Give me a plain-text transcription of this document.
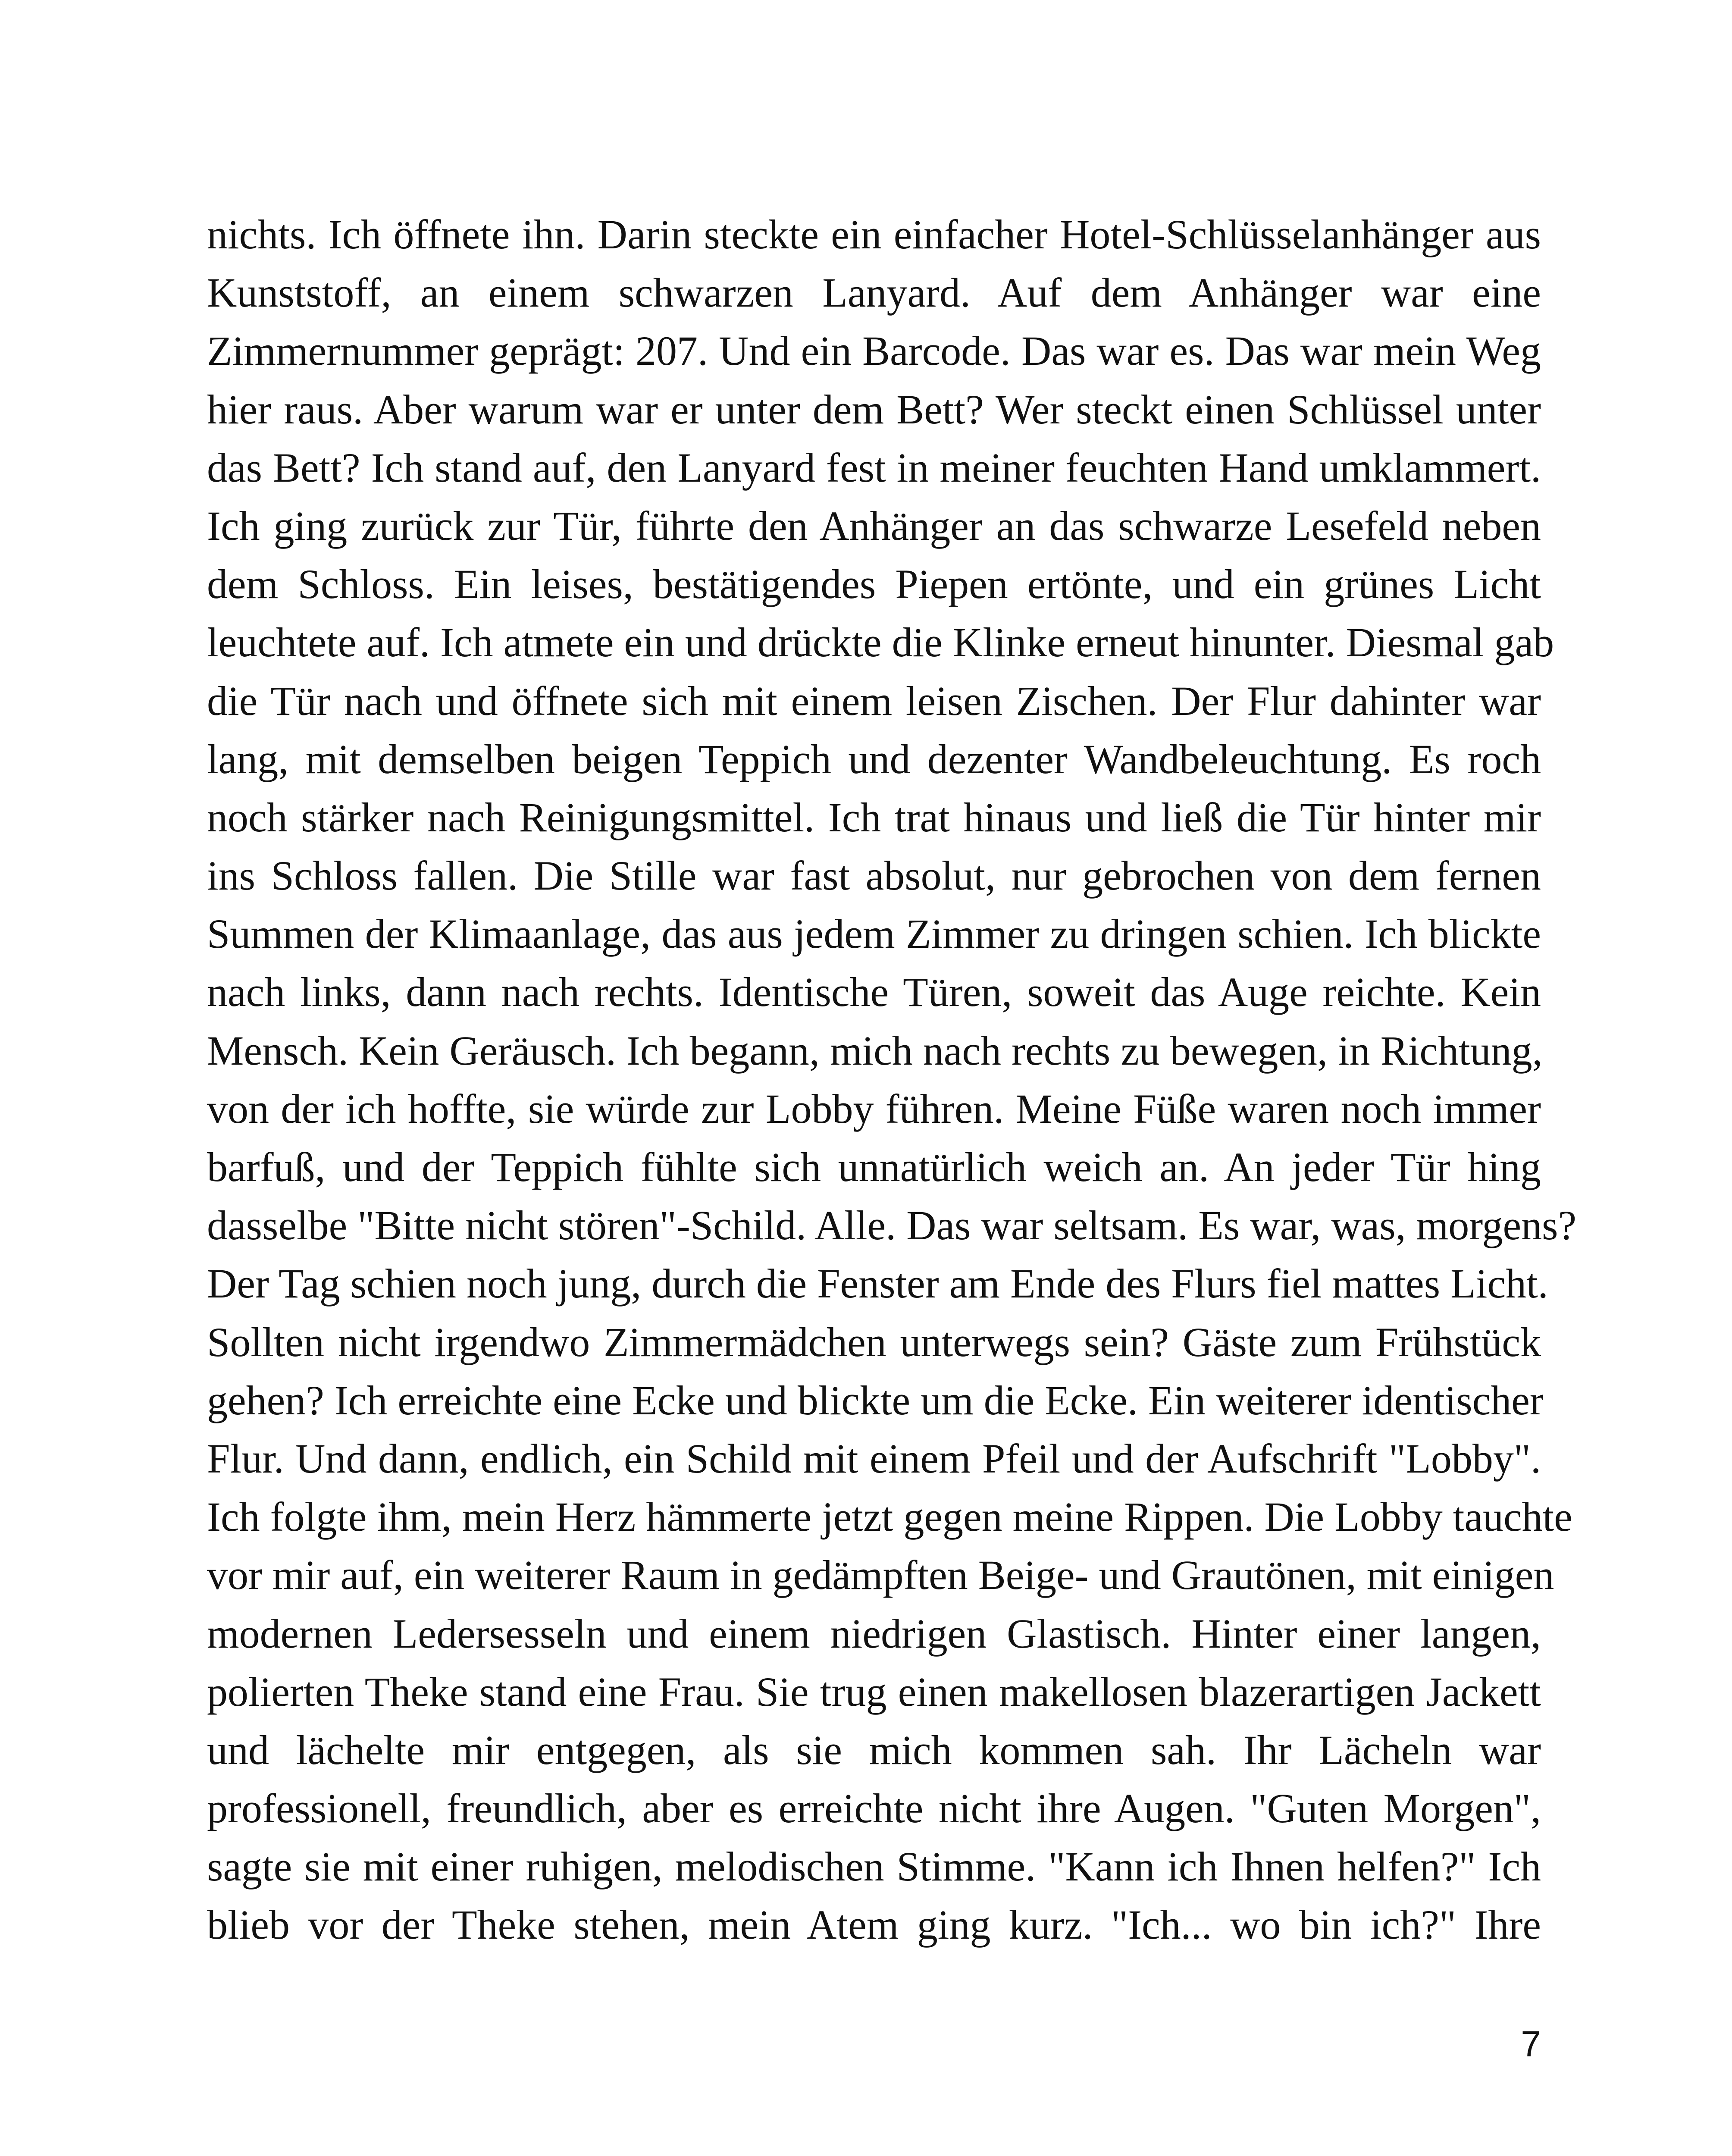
nichts. Ich öffnete ihn. Darin steckte ein einfacher Hotel-Schlüsselanhänger aus
Kunststoff, an einem schwarzen Lanyard. Auf dem Anhänger war eine
Zimmernummer geprägt: 207. Und ein Barcode. Das war es. Das war mein Weg
hier raus. Aber warum war er unter dem Bett? Wer steckt einen Schlüssel unter
das Bett? Ich stand auf, den Lanyard fest in meiner feuchten Hand umklammert.
Ich ging zurück zur Tür, führte den Anhänger an das schwarze Lesefeld neben
dem Schloss. Ein leises, bestätigendes Piepen ertönte, und ein grünes Licht
leuchtete auf. Ich atmete ein und drückte die Klinke erneut hinunter. Diesmal gab
die Tür nach und öffnete sich mit einem leisen Zischen. Der Flur dahinter war
lang, mit demselben beigen Teppich und dezenter Wandbeleuchtung. Es roch
noch stärker nach Reinigungsmittel. Ich trat hinaus und ließ die Tür hinter mir
ins Schloss fallen. Die Stille war fast absolut, nur gebrochen von dem fernen
Summen der Klimaanlage, das aus jedem Zimmer zu dringen schien. Ich blickte
nach links, dann nach rechts. Identische Türen, soweit das Auge reichte. Kein
Mensch. Kein Geräusch. Ich begann, mich nach rechts zu bewegen, in Richtung,
von der ich hoffte, sie würde zur Lobby führen. Meine Füße waren noch immer
barfuß, und der Teppich fühlte sich unnatürlich weich an. An jeder Tür hing
dasselbe "Bitte nicht stören"-Schild. Alle. Das war seltsam. Es war, was, morgens?
Der Tag schien noch jung, durch die Fenster am Ende des Flurs fiel mattes Licht.
Sollten nicht irgendwo Zimmermädchen unterwegs sein? Gäste zum Frühstück
gehen? Ich erreichte eine Ecke und blickte um die Ecke. Ein weiterer identischer
Flur. Und dann, endlich, ein Schild mit einem Pfeil und der Aufschrift "Lobby".
Ich folgte ihm, mein Herz hämmerte jetzt gegen meine Rippen. Die Lobby tauchte
vor mir auf, ein weiterer Raum in gedämpften Beige- und Grautönen, mit einigen
modernen Ledersesseln und einem niedrigen Glastisch. Hinter einer langen,
polierten Theke stand eine Frau. Sie trug einen makellosen blazerartigen Jackett
und lächelte mir entgegen, als sie mich kommen sah. Ihr Lächeln war
professionell, freundlich, aber es erreichte nicht ihre Augen. "Guten Morgen",
sagte sie mit einer ruhigen, melodischen Stimme. "Kann ich Ihnen helfen?" Ich
blieb vor der Theke stehen, mein Atem ging kurz. "Ich... wo bin ich?" Ihre
7
